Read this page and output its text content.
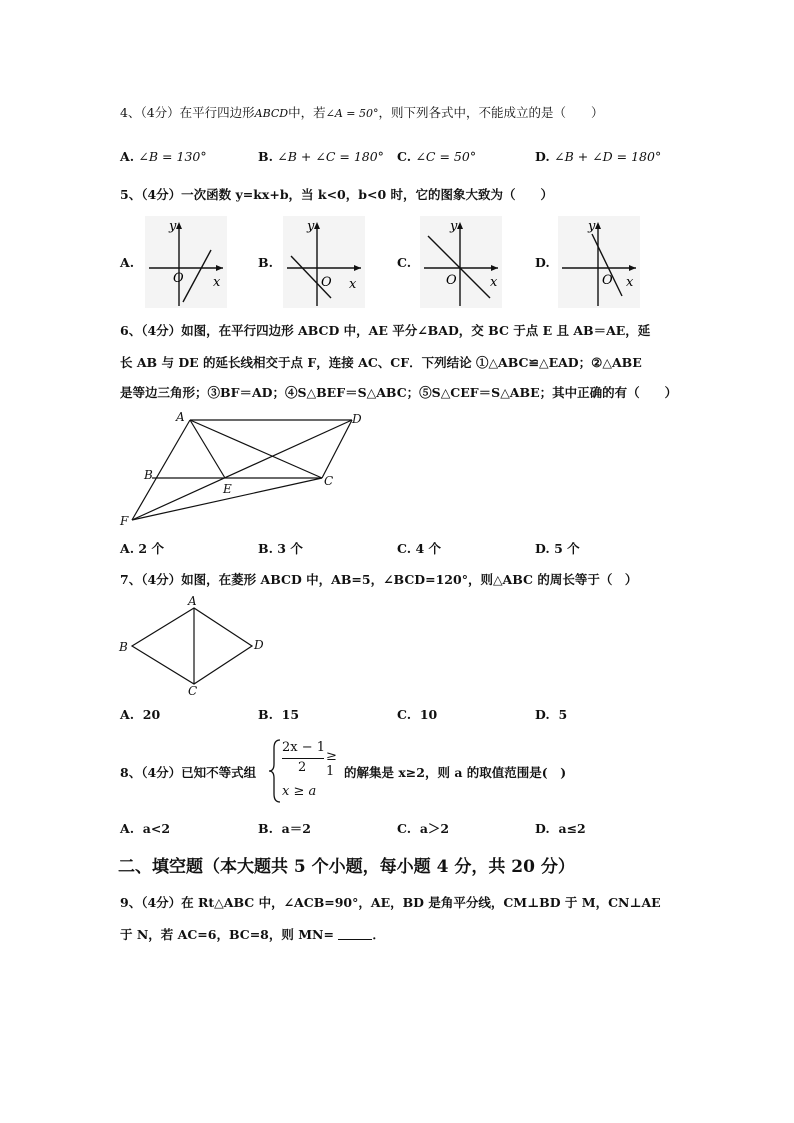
4、（4分）在平行四边形ABCD中，若∠A = 50°，则下列各式中，不能成立的是（　　）
A. ∠B = 130°	B. ∠B + ∠C = 180° C. ∠C = 50°	D. ∠B + ∠D = 180°
5、（4分）一次函数 y=kx+b，当 k<0，b<0 时，它的图象大致为（　　）
A.
y
O x
B.
y
O x
C.
y
O	x
D.
y
O x
6、（4分）如图，在平行四边形 ABCD 中，AE 平分∠BAD，交 BC 于点 E 且 AB＝AE，延
长 AB 与 DE 的延长线相交于点 F，连接 AC、CF．下列结论 ①△ABC≌△EAD；②△ABE
是等边三角形；③BF＝AD；④S△BEF＝S△ABC；⑤S△CEF＝S△ABE；其中正确的有（　　）
A	D
B
E
C
F
A. 2 个	B. 3 个	C. 4 个	D. 5 个
7、（4分）如图，在菱形 ABCD 中，AB=5，∠BCD=120°，则△ABC 的周长等于（　）
A
B
C
D
A. 20	B. 15	C. 10	D. 5
8、（4分）已知不等式组
2x − 1
2
≥ 1
x ≥ a
的解集是 x≥2，则 a 的取值范围是(　)
A. a<2	B. a＝2	C. a＞2	D. a≤2
二、填空题（本大题共 5 个小题，每小题 4 分，共 20 分）
9、（4分）在 Rt△ABC 中，∠ACB=90°，AE，BD 是角平分线，CM⊥BD 于 M，CN⊥AE
于 N，若 AC=6，BC=8，则 MN=	．
